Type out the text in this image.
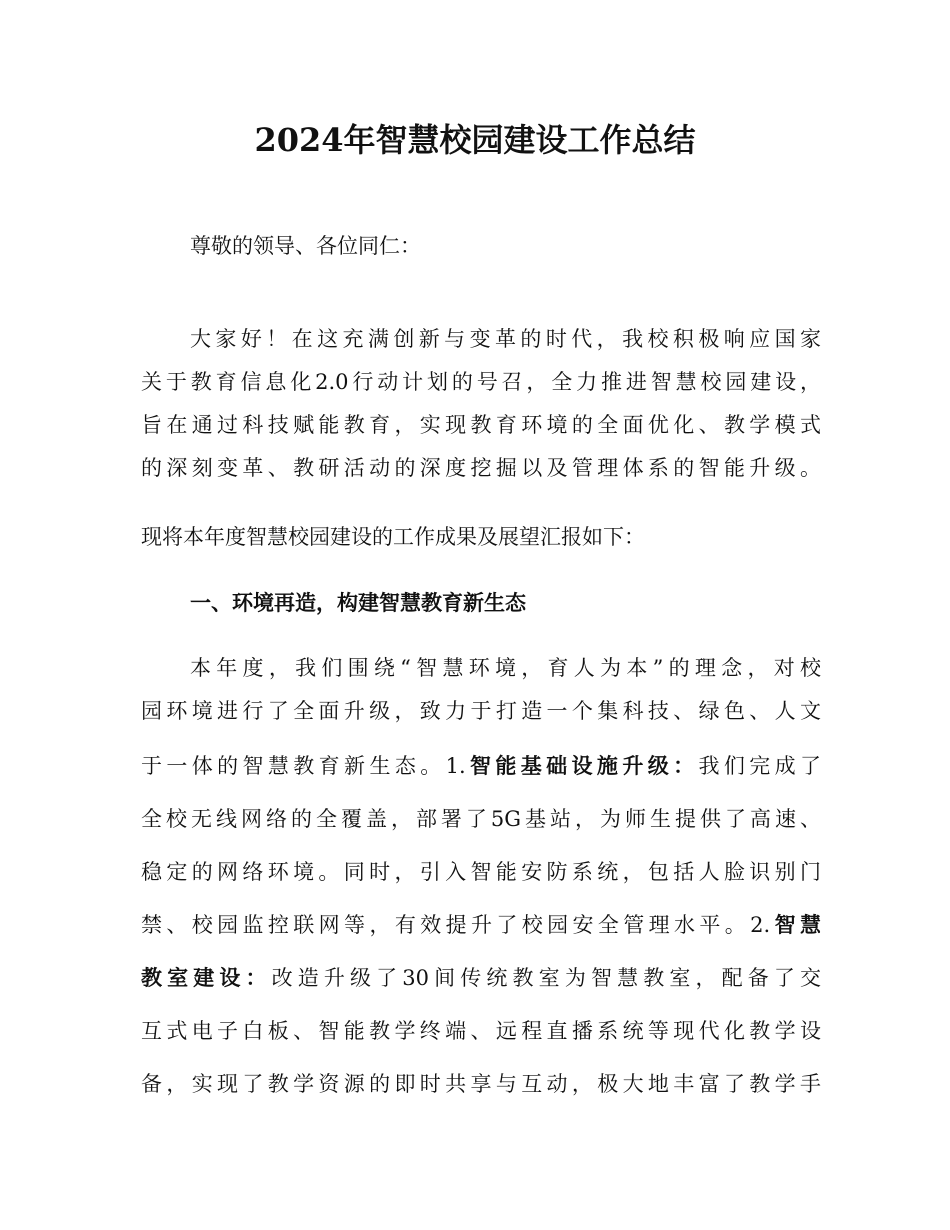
2024年智慧校园建设工作总结

尊敬的领导、各位同仁：

大家好！在这充满创新与变革的时代，我校积极响应国家

关于教育信息化2.0行动计划的号召，全力推进智慧校园建设，

旨在通过科技赋能教育，实现教育环境的全面优化、教学模式

的深刻变革、教研活动的深度挖掘以及管理体系的智能升级。

现将本年度智慧校园建设的工作成果及展望汇报如下：

一、环境再造，构建智慧教育新生态

本年度，我们围绕“智慧环境，育人为本”的理念，对校

园环境进行了全面升级，致力于打造一个集科技、绿色、人文

于一体的智慧教育新生态。1.智能基础设施升级：我们完成了

全校无线网络的全覆盖，部署了5G基站，为师生提供了高速、

稳定的网络环境。同时，引入智能安防系统，包括人脸识别门

禁、校园监控联网等，有效提升了校园安全管理水平。2.智慧

教室建设：改造升级了30间传统教室为智慧教室，配备了交

互式电子白板、智能教学终端、远程直播系统等现代化教学设

备，实现了教学资源的即时共享与互动，极大地丰富了教学手
